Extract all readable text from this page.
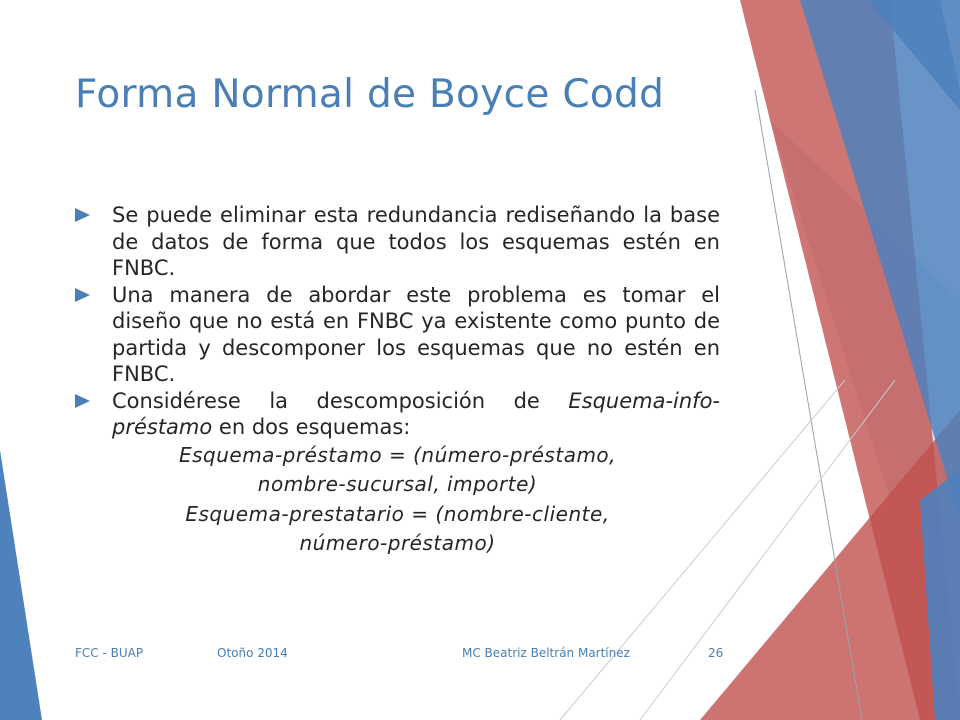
Forma Normal de Boyce Codd
Se puede eliminar esta redundancia rediseñando la base de datos de forma que todos los esquemas estén en FNBC.
Una manera de abordar este problema es tomar el diseño que no está en FNBC ya existente como punto de partida y descomponer los esquemas que no estén en FNBC.
Considérese la descomposición de Esquema-info-préstamo en dos esquemas:
Esquema-préstamo = (número-préstamo,
nombre-sucursal, importe)
Esquema-prestatario = (nombre-cliente,
número-préstamo)
FCC - BUAP	Otoño 2014	MC Beatriz Beltrán Martínez	26
